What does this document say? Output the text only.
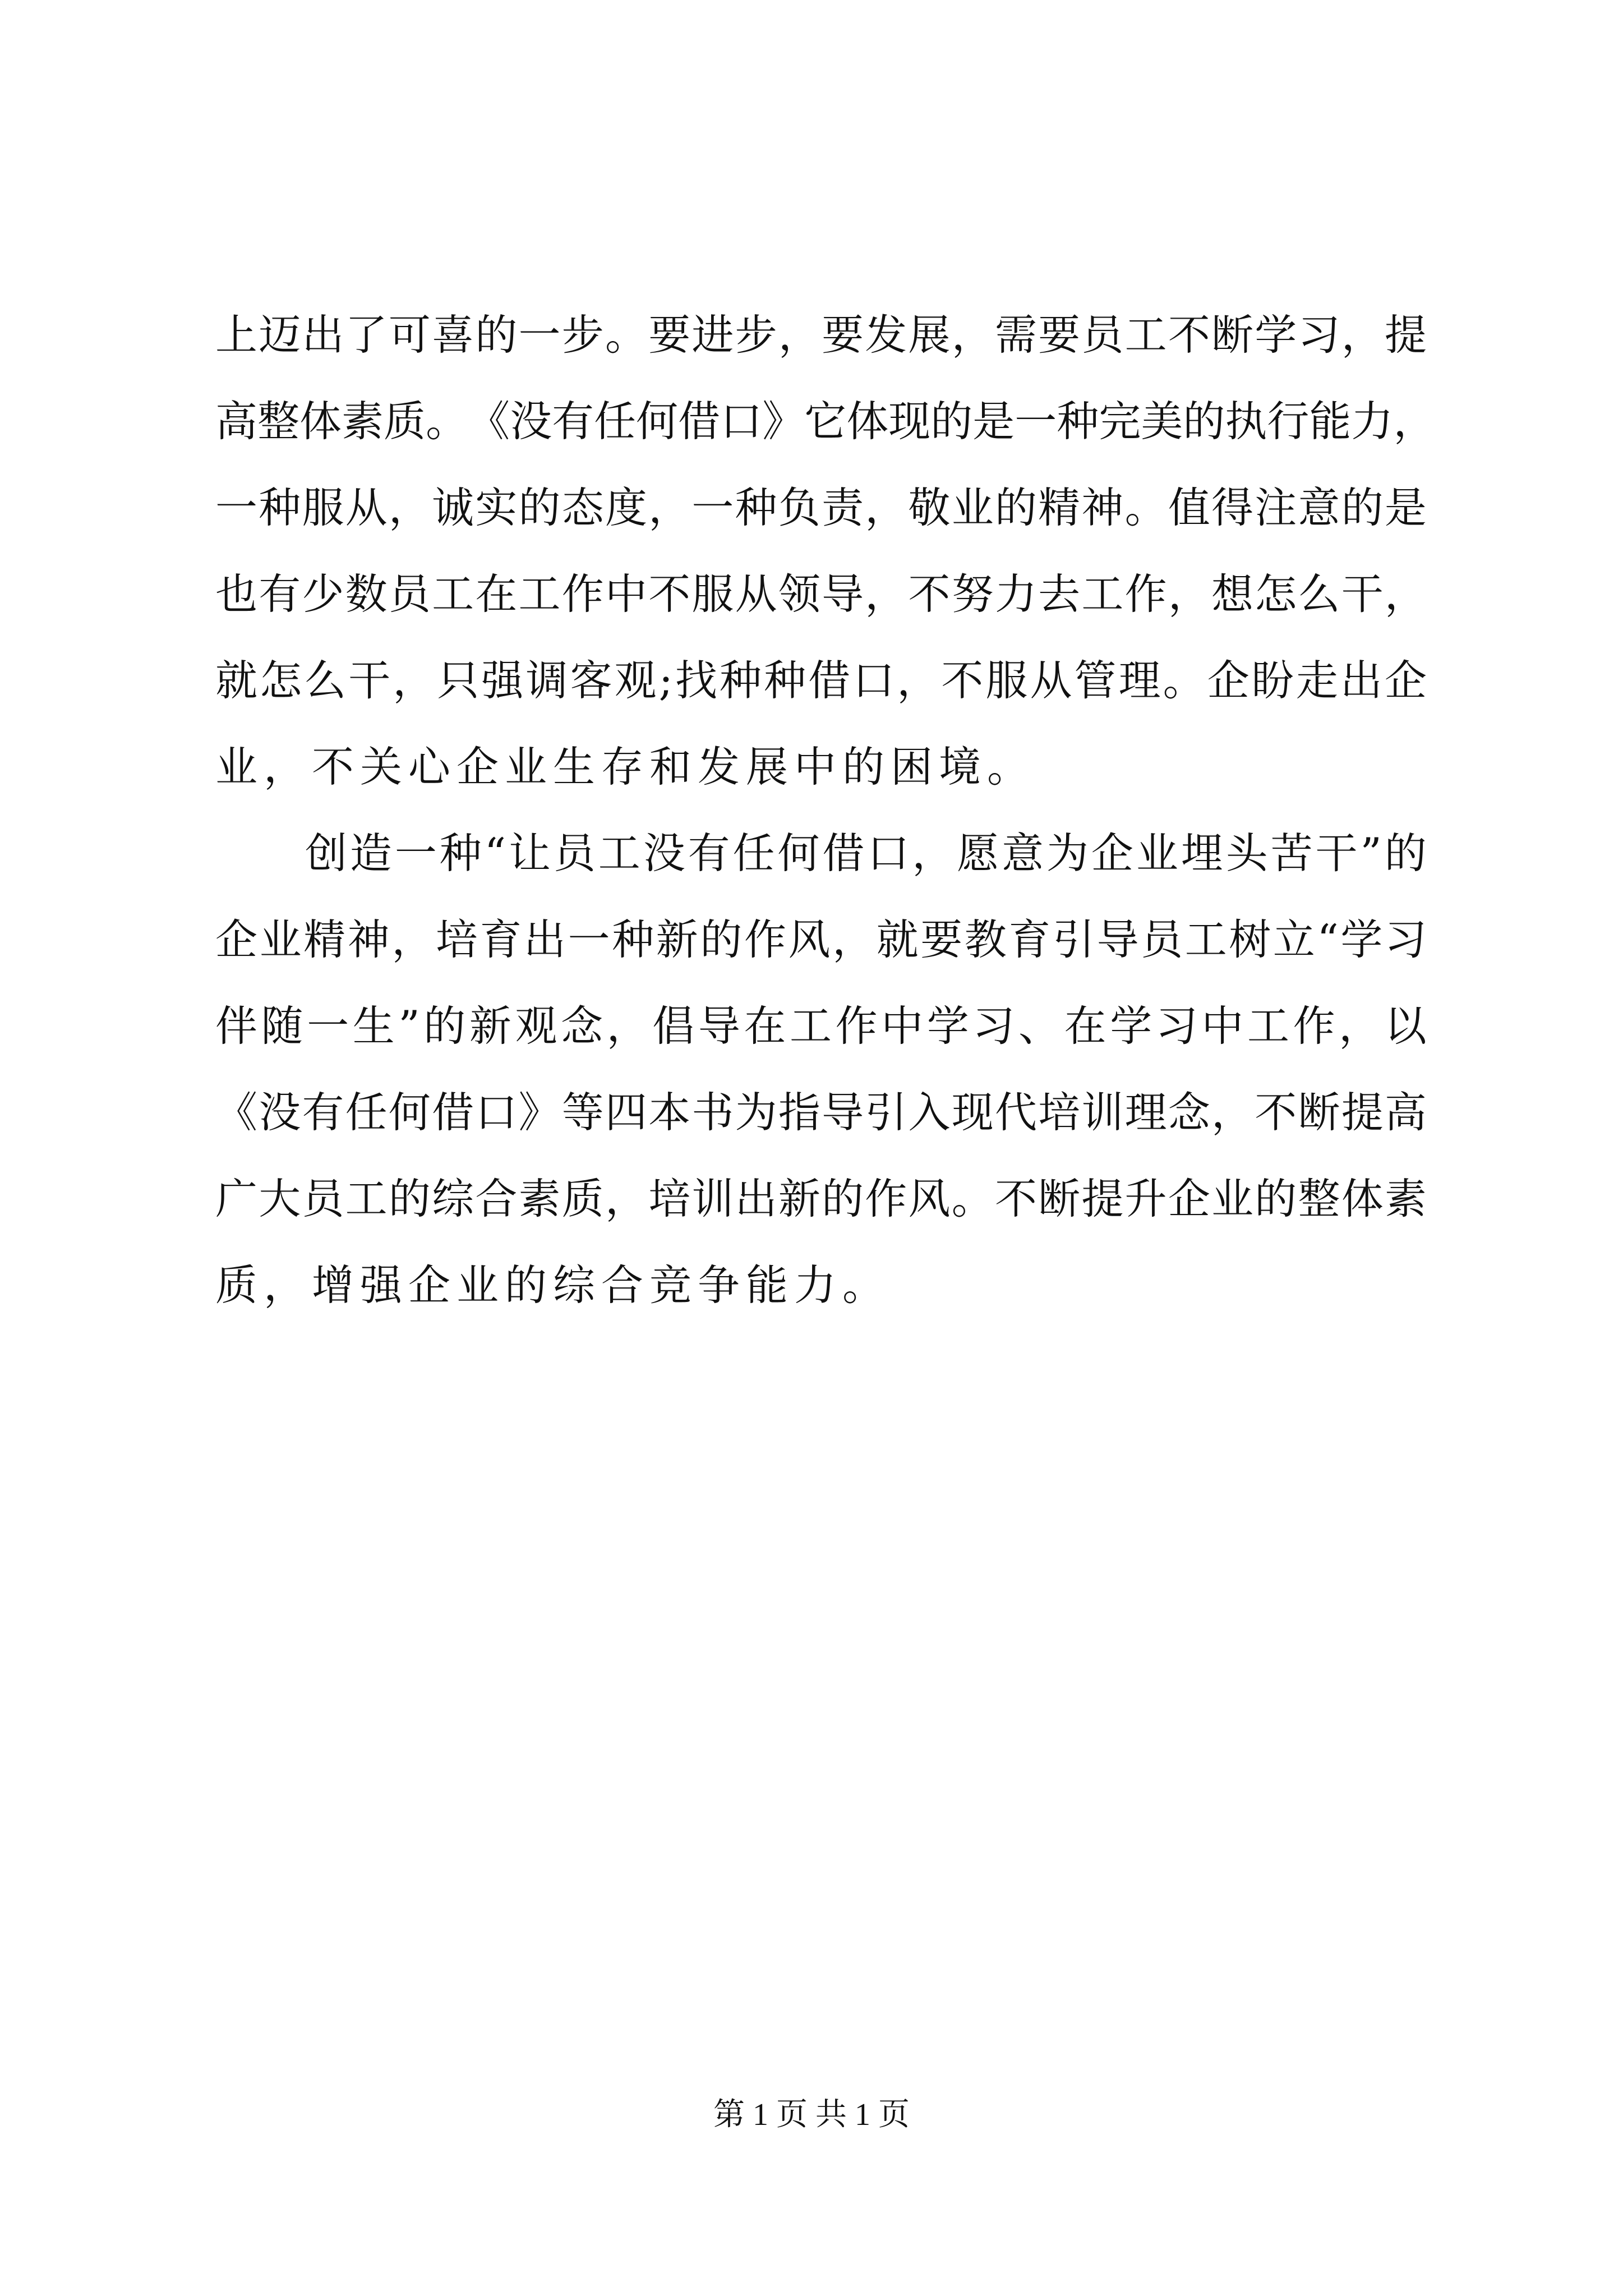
上 迈 出 了 可 喜 的 一 步 。 要 进 步 ， 要 发 展 ， 需 要 员 工 不 断 学 习 ， 提
高 整 体 素 质 。 《 没 有 任 何 借 口 》 它 体 现 的 是 一 种 完 美 的 执 行 能 力 ，
一 种 服 从 ， 诚 实 的 态 度 ， 一 种 负 责 ， 敬 业 的 精 神 。 值 得 注 意 的 是
也 有 少 数 员 工 在 工 作 中 不 服 从 领 导 ， 不 努 力 去 工 作 ， 想 怎 么 干 ，
就 怎 么 干 ， 只 强 调 客 观 ; 找 种 种 借 口 ， 不 服 从 管 理 。 企 盼 走 出 企
业，不关心企业生存和发展中的困境。
创 造 一 种 “ 让 员 工 没 有 任 何 借 口 ， 愿 意 为 企 业 埋 头 苦 干 ” 的
企 业 精 神 ， 培 育 出 一 种 新 的 作 风 ， 就 要 教 育 引 导 员 工 树 立 “ 学 习
伴 随 一 生 ” 的 新 观 念 ， 倡 导 在 工 作 中 学 习 、 在 学 习 中 工 作 ， 以
《 没 有 任 何 借 口 》 等 四 本 书 为 指 导 引 入 现 代 培 训 理 念 ， 不 断 提 高
广 大 员 工 的 综 合 素 质 ， 培 训 出 新 的 作 风 。 不 断 提 升 企 业 的 整 体 素
质，增强企业的综合竞争能力。
第 1 页 共 1 页
